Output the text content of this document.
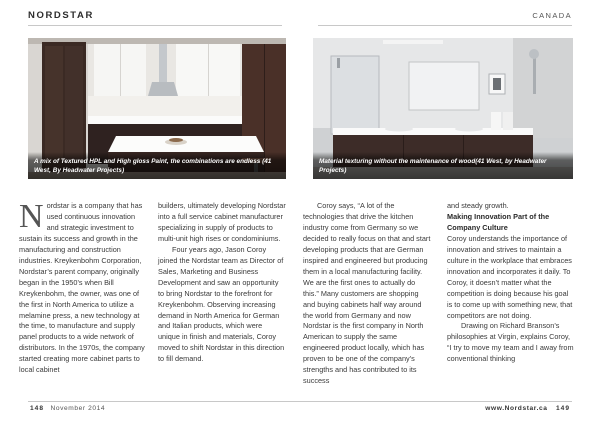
NORDSTAR	CANADA
A mix of Textured HPL and High gloss Paint, the combinations are endless (41 West, By Headwater Projects)
Material texturing without the maintenance of wood(41 West, by Headwater Projects)

Nordstar is a company that has used continuous innovation and strategic investment to sustain its success and growth in the manufacturing and construction industries. Kreykenbohm Corporation, Nordstar’s parent company, originally began in the 1950’s when Bill Kreykenbohm, the owner, was one of the first in North America to utilize a melamine press, a new technology at the time, to manufacture and supply panel products to a wide network of distributors. In the 1970s, the company started creating more cabinet parts to local cabinet

builders, ultimately developing Nordstar into a full service cabinet manufacturer specializing in supply of products to multi-unit high rises or condominiums.

Four years ago, Jason Coroy joined the Nordstar team as Director of Sales, Marketing and Business Development and saw an opportunity to bring Nordstar to the forefront for Kreykenbohm. Observing increasing demand in North America for German and Italian products, which were unique in finish and materials, Coroy moved to shift Nordstar in this direction to fill demand.

Coroy says, “A lot of the technologies that drive the kitchen industry come from Germany so we decided to really focus on that and start developing products that are German inspired and engineered but producing them in a local manufacturing facility. We are the first ones to actually do this.” Many customers are shopping and buying cabinets half way around the world from Germany and now Nordstar is the first company in North American to supply the same engineered product locally, which has proven to be one of the company’s strengths and has contributed to its success

and steady growth.

Making Innovation Part of the Company Culture

Coroy understands the importance of innovation and strives to maintain a culture in the workplace that embraces innovation and incorporates it daily. To Coroy, it doesn’t matter what the competition is doing because his goal is to come up with something new, that competitors are not doing.

Drawing on Richard Branson’s philosophies at Virgin, explains Coroy, “I try to move my team and I away from conventional thinking

148 November 2014	www.Nordstar.ca 149
